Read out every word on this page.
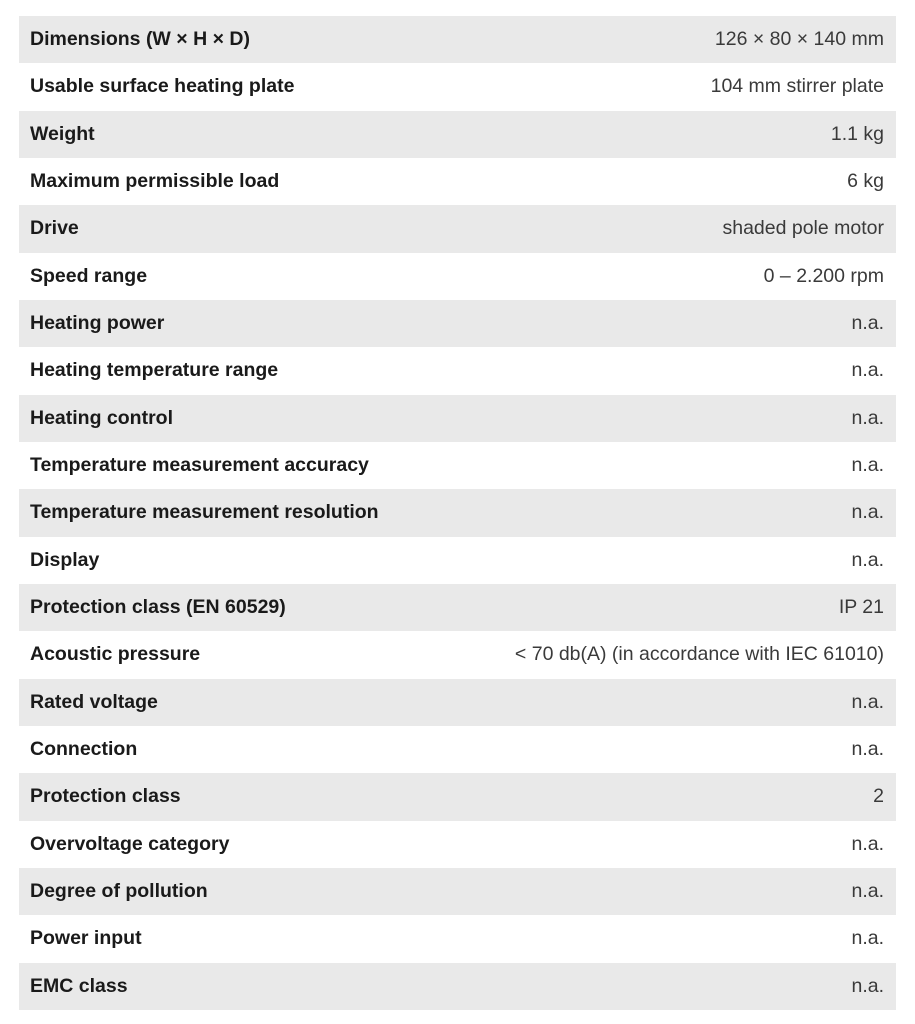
Dimensions (W × H × D)	126 × 80 × 140 mm
Usable surface heating plate	104 mm stirrer plate
Weight	1.1 kg
Maximum permissible load	6 kg
Drive	shaded pole motor
Speed range	0 – 2.200 rpm
Heating power	n.a.
Heating temperature range	n.a.
Heating control	n.a.
Temperature measurement accuracy	n.a.
Temperature measurement resolution	n.a.
Display	n.a.
Protection class (EN 60529)	IP 21
Acoustic pressure	< 70 db(A) (in accordance with IEC 61010)
Rated voltage	n.a.
Connection	n.a.
Protection class	2
Overvoltage category	n.a.
Degree of pollution	n.a.
Power input	n.a.
EMC class	n.a.
